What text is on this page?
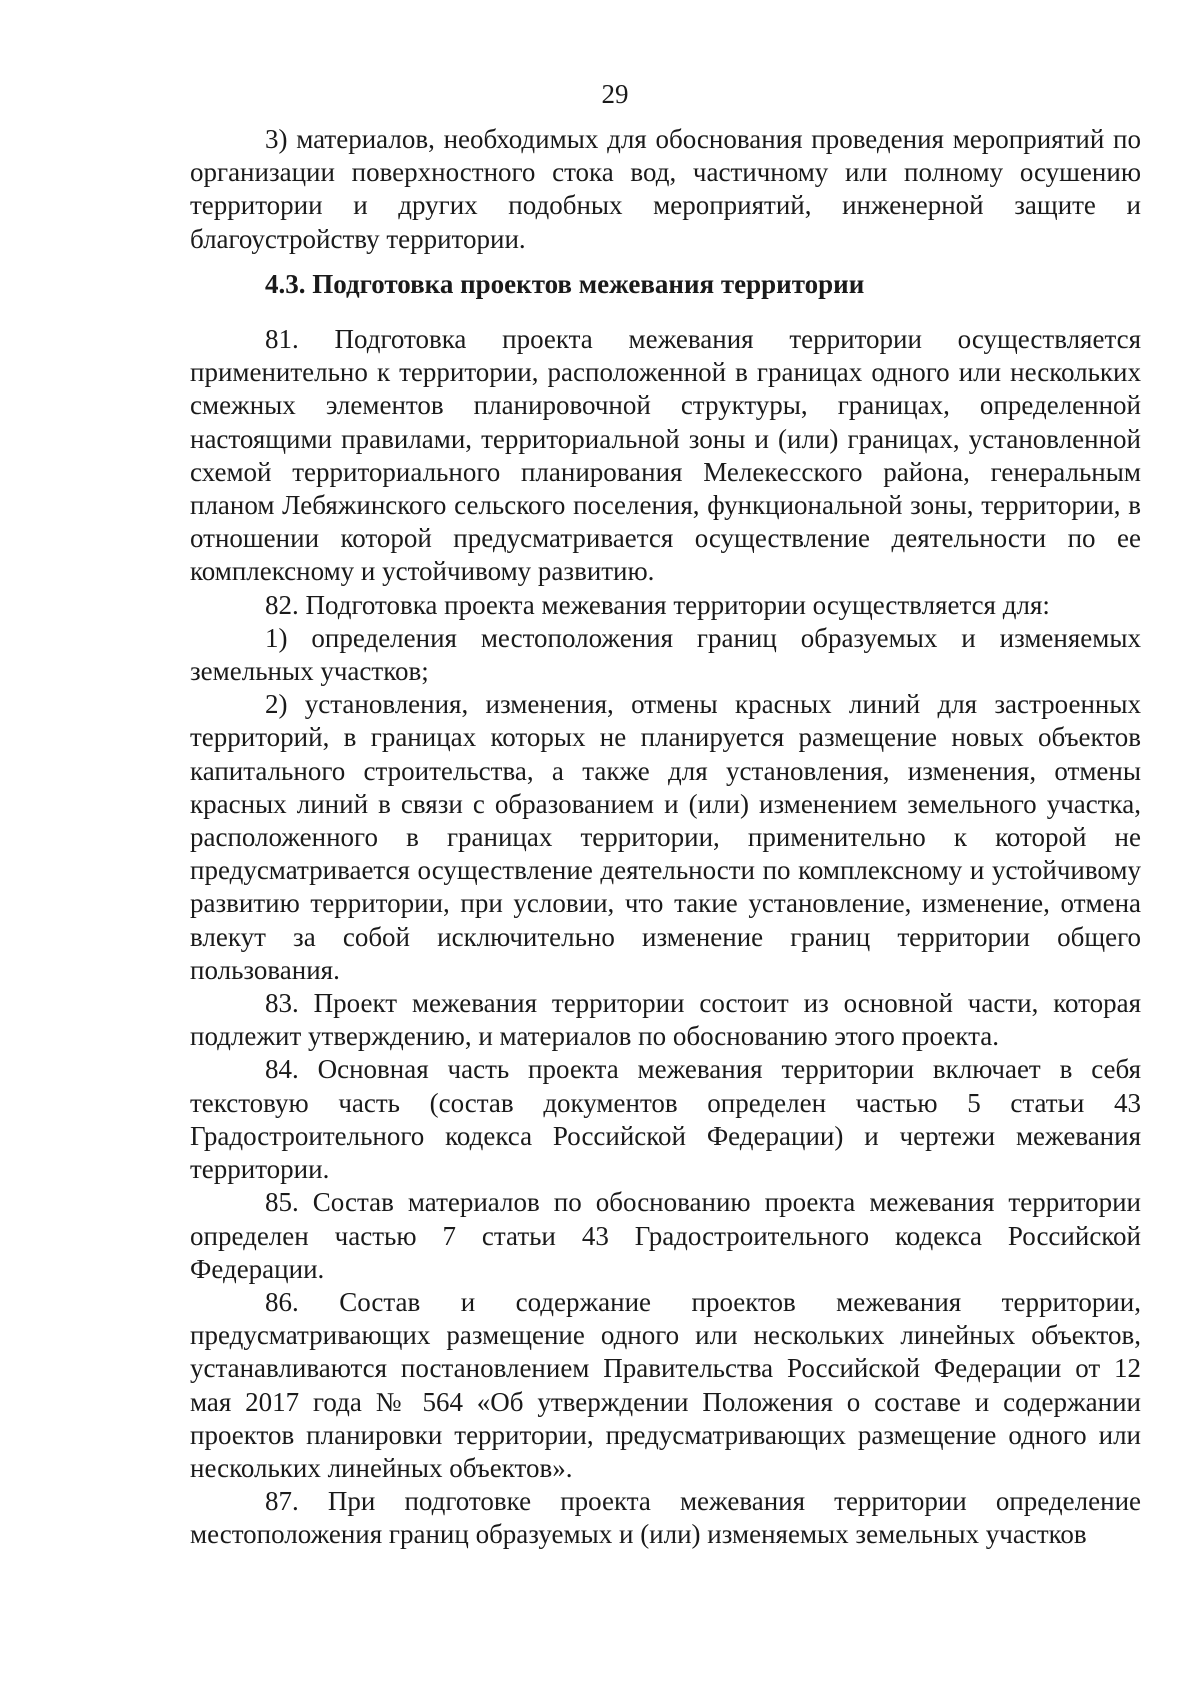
29

3) материалов, необходимых для обоснования проведения мероприятий по организации поверхностного стока вод, частичному или полному осушению территории и других подобных мероприятий, инженерной защите и благоустройству территории.

4.3. Подготовка проектов межевания территории

81. Подготовка проекта межевания территории осуществляется применительно к территории, расположенной в границах одного или нескольких смежных элементов планировочной структуры, границах, определенной настоящими правилами, территориальной зоны и (или) границах, установленной схемой территориального планирования Мелекесского района, генеральным планом Лебяжинского сельского поселения, функциональной зоны, территории, в отношении которой предусматривается осуществление деятельности по ее комплексному и устойчивому развитию.

82. Подготовка проекта межевания территории осуществляется для:

1) определения местоположения границ образуемых и изменяемых земельных участков;

2) установления, изменения, отмены красных линий для застроенных территорий, в границах которых не планируется размещение новых объектов капитального строительства, а также для установления, изменения, отмены красных линий в связи с образованием и (или) изменением земельного участка, расположенного в границах территории, применительно к которой не предусматривается осуществление деятельности по комплексному и устойчивому развитию территории, при условии, что такие установление, изменение, отмена влекут за собой исключительно изменение границ территории общего пользования.

83. Проект межевания территории состоит из основной части, которая подлежит утверждению, и материалов по обоснованию этого проекта.

84. Основная часть проекта межевания территории включает в себя текстовую часть (состав документов определен частью 5 статьи 43 Градостроительного кодекса Российской Федерации) и чертежи межевания территории.

85. Состав материалов по обоснованию проекта межевания территории определен частью 7 статьи 43 Градостроительного кодекса Российской Федерации.

86. Состав и содержание проектов межевания территории, предусматривающих размещение одного или нескольких линейных объектов, устанавливаются постановлением Правительства Российской Федерации от 12 мая 2017 года № 564 «Об утверждении Положения о составе и содержании проектов планировки территории, предусматривающих размещение одного или нескольких линейных объектов».

87. При подготовке проекта межевания территории определение местоположения границ образуемых и (или) изменяемых земельных участков
